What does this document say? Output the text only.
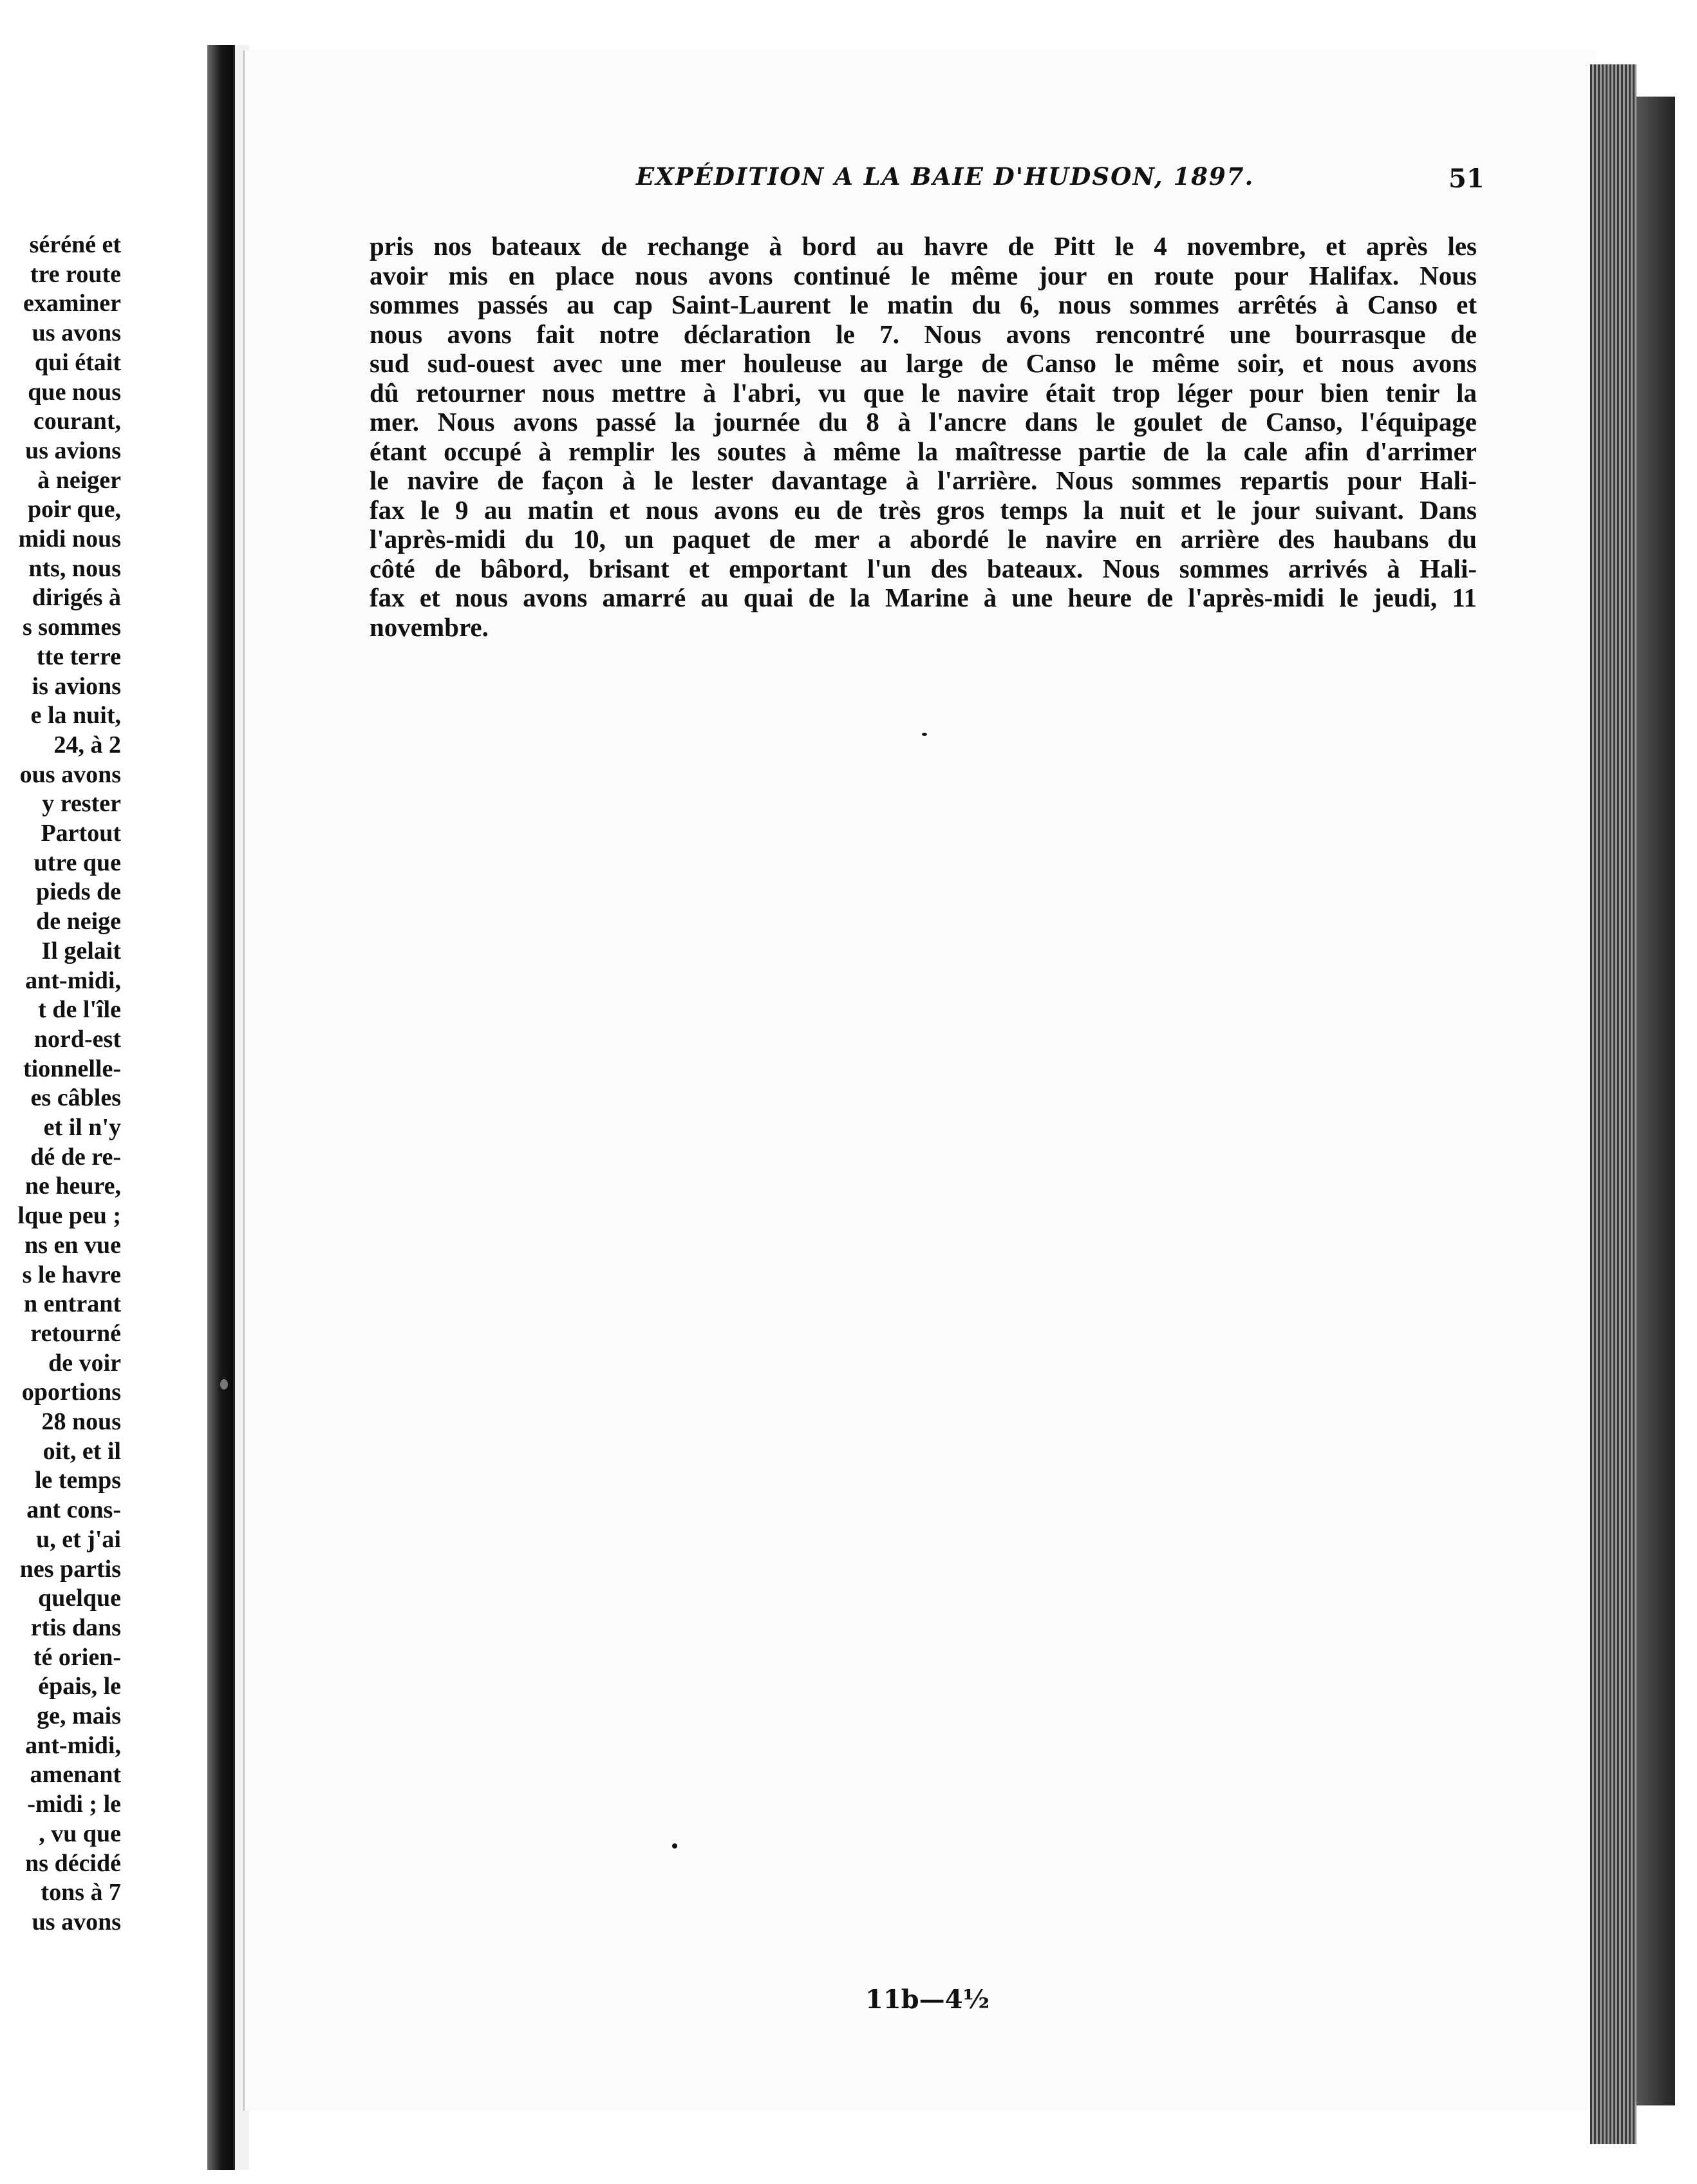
séréné et
tre route
examiner
us avons
qui était
que nous
courant,
us avions
à neiger
poir que,
midi nous
nts, nous
dirigés à
s sommes
tte terre
is avions
e la nuit,
24, à 2
ous avons
y rester
Partout
utre que
pieds de
de neige
Il gelait
ant-midi,
t de l'île
nord-est
tionnelle-
es câbles
et il n'y
dé de re-
ne heure,
lque peu ;
ns en vue
s le havre
n entrant
retourné
de voir
oportions
28 nous
oit, et il
le temps
ant cons-
u, et j'ai
nes partis
quelque
rtis dans
té orien-
épais, le
ge, mais
ant-midi,
amenant
-midi ; le
, vu que
ns décidé
tons à 7
us avons
EXPÉDITION A LA BAIE D'HUDSON, 1897.	51
pris nos bateaux de rechange à bord au havre de Pitt le 4 novembre, et après les
avoir mis en place nous avons continué le même jour en route pour Halifax. Nous
sommes passés au cap Saint-Laurent le matin du 6, nous sommes arrêtés à Canso et
nous avons fait notre déclaration le 7. Nous avons rencontré une bourrasque de
sud sud-ouest avec une mer houleuse au large de Canso le même soir, et nous avons
dû retourner nous mettre à l'abri, vu que le navire était trop léger pour bien tenir la
mer. Nous avons passé la journée du 8 à l'ancre dans le goulet de Canso, l'équipage
étant occupé à remplir les soutes à même la maîtresse partie de la cale afin d'arrimer
le navire de façon à le lester davantage à l'arrière. Nous sommes repartis pour Hali-
fax le 9 au matin et nous avons eu de très gros temps la nuit et le jour suivant. Dans
l'après-midi du 10, un paquet de mer a abordé le navire en arrière des haubans du
côté de bâbord, brisant et emportant l'un des bateaux. Nous sommes arrivés à Hali-
fax et nous avons amarré au quai de la Marine à une heure de l'après-midi le jeudi, 11
novembre.
11b—4½
